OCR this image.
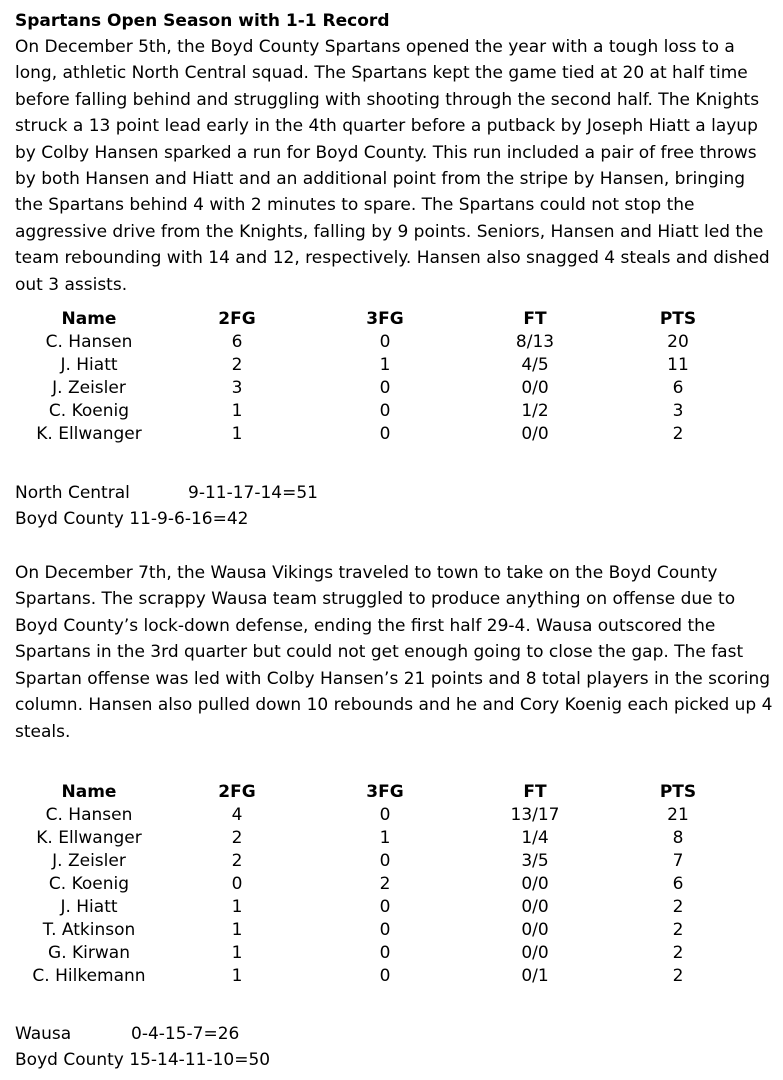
Spartans Open Season with 1-1 Record

On December 5th, the Boyd County Spartans opened the year with a tough loss to a long, athletic North Central squad. The Spartans kept the game tied at 20 at half time before falling behind and struggling with shooting through the second half. The Knights struck a 13 point lead early in the 4th quarter before a putback by Joseph Hiatt a layup by Colby Hansen sparked a run for Boyd County. This run included a pair of free throws by both Hansen and Hiatt and an additional point from the stripe by Hansen, bringing the Spartans behind 4 with 2 minutes to spare. The Spartans could not stop the aggressive drive from the Knights, falling by 9 points. Seniors, Hansen and Hiatt led the team rebounding with 14 and 12, respectively. Hansen also snagged 4 steals and dished out 3 assists.

Name	2FG	3FG	FT	PTS
C. Hansen	6	0	8/13	20
J. Hiatt	2	1	4/5	11
J. Zeisler	3	0	0/0	6
C. Koenig	1	0	1/2	3
K. Ellwanger	1	0	0/0	2

North Central	9-11-17-14=51

Boyd County 11-9-6-16=42

On December 7th, the Wausa Vikings traveled to town to take on the Boyd County Spartans. The scrappy Wausa team struggled to produce anything on offense due to Boyd County’s lock-down defense, ending the first half 29-4. Wausa outscored the Spartans in the 3rd quarter but could not get enough going to close the gap. The fast Spartan offense was led with Colby Hansen’s 21 points and 8 total players in the scoring column. Hansen also pulled down 10 rebounds and he and Cory Koenig each picked up 4 steals.

Name	2FG	3FG	FT	PTS
C. Hansen	4	0	13/17	21
K. Ellwanger	2	1	1/4	8
J. Zeisler	2	0	3/5	7
C. Koenig	0	2	0/0	6
J. Hiatt	1	0	0/0	2
T. Atkinson	1	0	0/0	2
G. Kirwan	1	0	0/0	2
C. Hilkemann	1	0	0/1	2

Wausa	0-4-15-7=26

Boyd County 15-14-11-10=50
